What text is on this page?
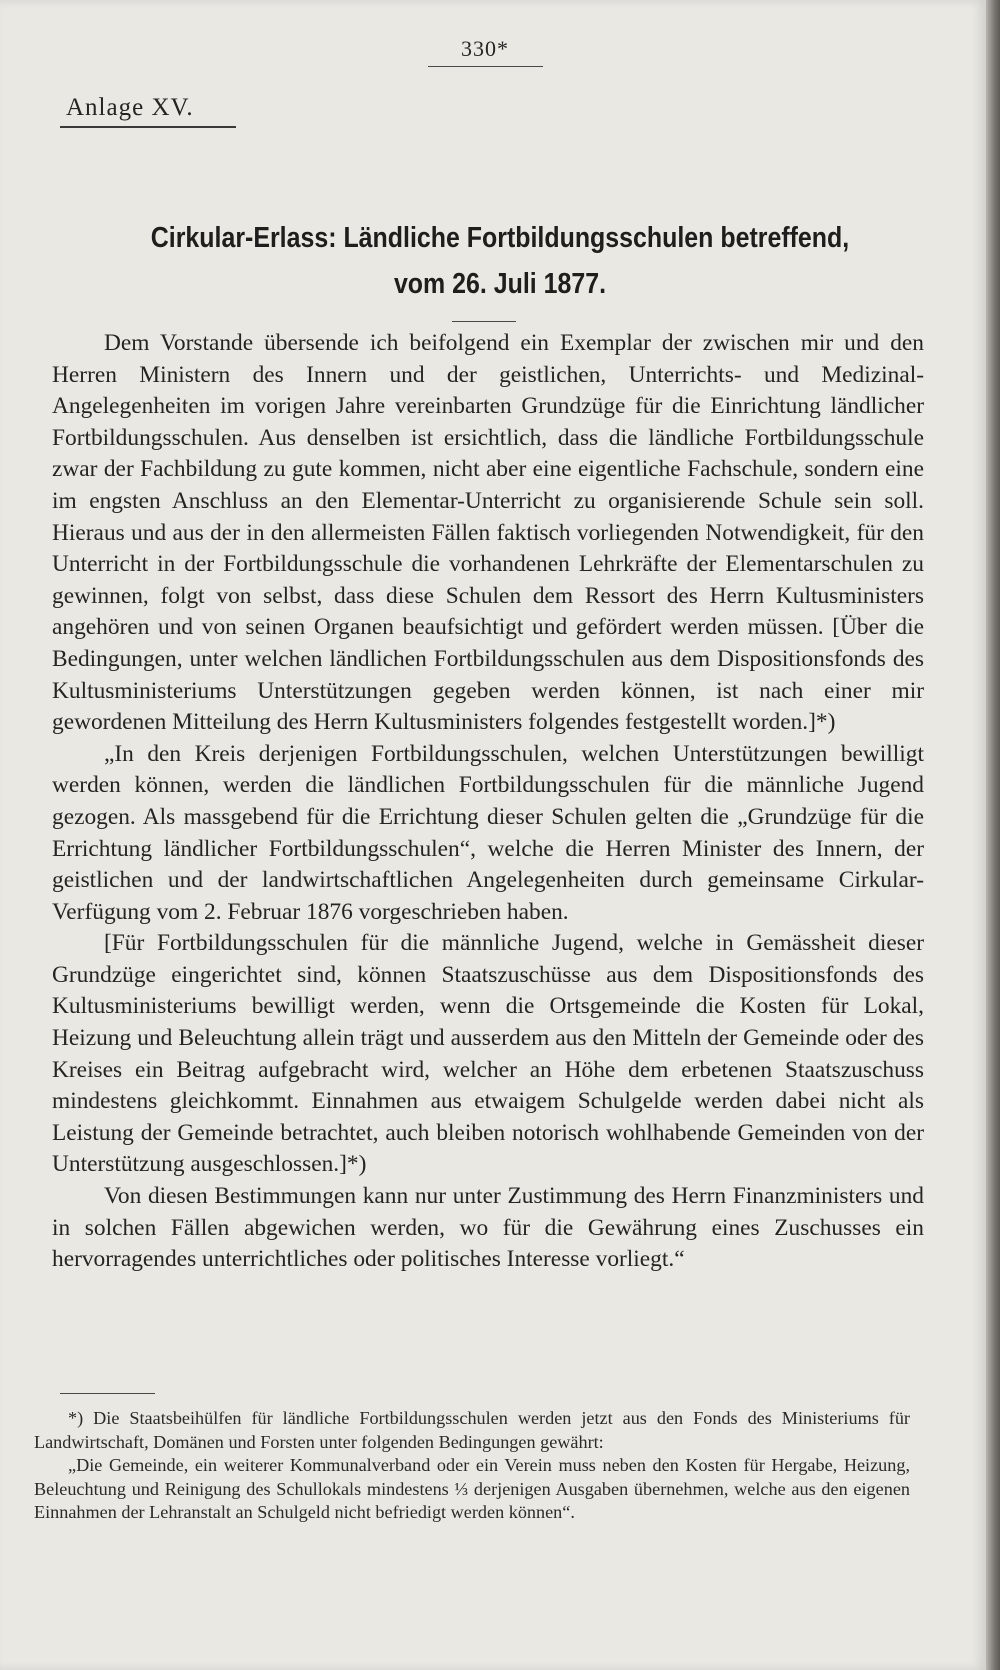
330*
Anlage XV.
Cirkular-Erlass: Ländliche Fortbildungsschulen betreffend,
vom 26. Juli 1877.

Dem Vorstande übersende ich beifolgend ein Exemplar der zwischen mir und den Herren Ministern des Innern und der geistlichen, Unterrichts- und Medizinal-Angelegenheiten im vorigen Jahre vereinbarten Grundzüge für die Einrichtung ländlicher Fortbildungsschulen. Aus denselben ist ersichtlich, dass die ländliche Fortbildungsschule zwar der Fachbildung zu gute kommen, nicht aber eine eigentliche Fachschule, sondern eine im engsten Anschluss an den Elementar-Unterricht zu organisierende Schule sein soll. Hieraus und aus der in den allermeisten Fällen faktisch vorliegenden Notwendigkeit, für den Unterricht in der Fortbildungsschule die vorhandenen Lehrkräfte der Elementarschulen zu gewinnen, folgt von selbst, dass diese Schulen dem Ressort des Herrn Kultusministers angehören und von seinen Organen beaufsichtigt und gefördert werden müssen. [Über die Bedingungen, unter welchen ländlichen Fortbildungsschulen aus dem Dispositionsfonds des Kultusministeriums Unterstützungen gegeben werden können, ist nach einer mir gewordenen Mitteilung des Herrn Kultusministers folgendes festgestellt worden.]*)

„In den Kreis derjenigen Fortbildungsschulen, welchen Unterstützungen bewilligt werden können, werden die ländlichen Fortbildungsschulen für die männliche Jugend gezogen. Als massgebend für die Errichtung dieser Schulen gelten die „Grundzüge für die Errichtung ländlicher Fortbildungsschulen“, welche die Herren Minister des Innern, der geistlichen und der landwirtschaftlichen Angelegenheiten durch gemeinsame Cirkular-Verfügung vom 2. Februar 1876 vorgeschrieben haben.

[Für Fortbildungsschulen für die männliche Jugend, welche in Gemässheit dieser Grundzüge eingerichtet sind, können Staatszuschüsse aus dem Dispositionsfonds des Kultusministeriums bewilligt werden, wenn die Ortsgemeinde die Kosten für Lokal, Heizung und Beleuchtung allein trägt und ausserdem aus den Mitteln der Gemeinde oder des Kreises ein Beitrag aufgebracht wird, welcher an Höhe dem erbetenen Staatszuschuss mindestens gleichkommt. Einnahmen aus etwaigem Schulgelde werden dabei nicht als Leistung der Gemeinde betrachtet, auch bleiben notorisch wohlhabende Gemeinden von der Unterstützung ausgeschlossen.]*)

Von diesen Bestimmungen kann nur unter Zustimmung des Herrn Finanzministers und in solchen Fällen abgewichen werden, wo für die Gewährung eines Zuschusses ein hervorragendes unterrichtliches oder politisches Interesse vorliegt.“

*) Die Staatsbeihülfen für ländliche Fortbildungsschulen werden jetzt aus den Fonds des Ministeriums für Landwirtschaft, Domänen und Forsten unter folgenden Bedingungen gewährt:

„Die Gemeinde, ein weiterer Kommunalverband oder ein Verein muss neben den Kosten für Hergabe, Heizung, Beleuchtung und Reinigung des Schullokals mindestens ⅓ derjenigen Ausgaben übernehmen, welche aus den eigenen Einnahmen der Lehranstalt an Schulgeld nicht befriedigt werden können“.
